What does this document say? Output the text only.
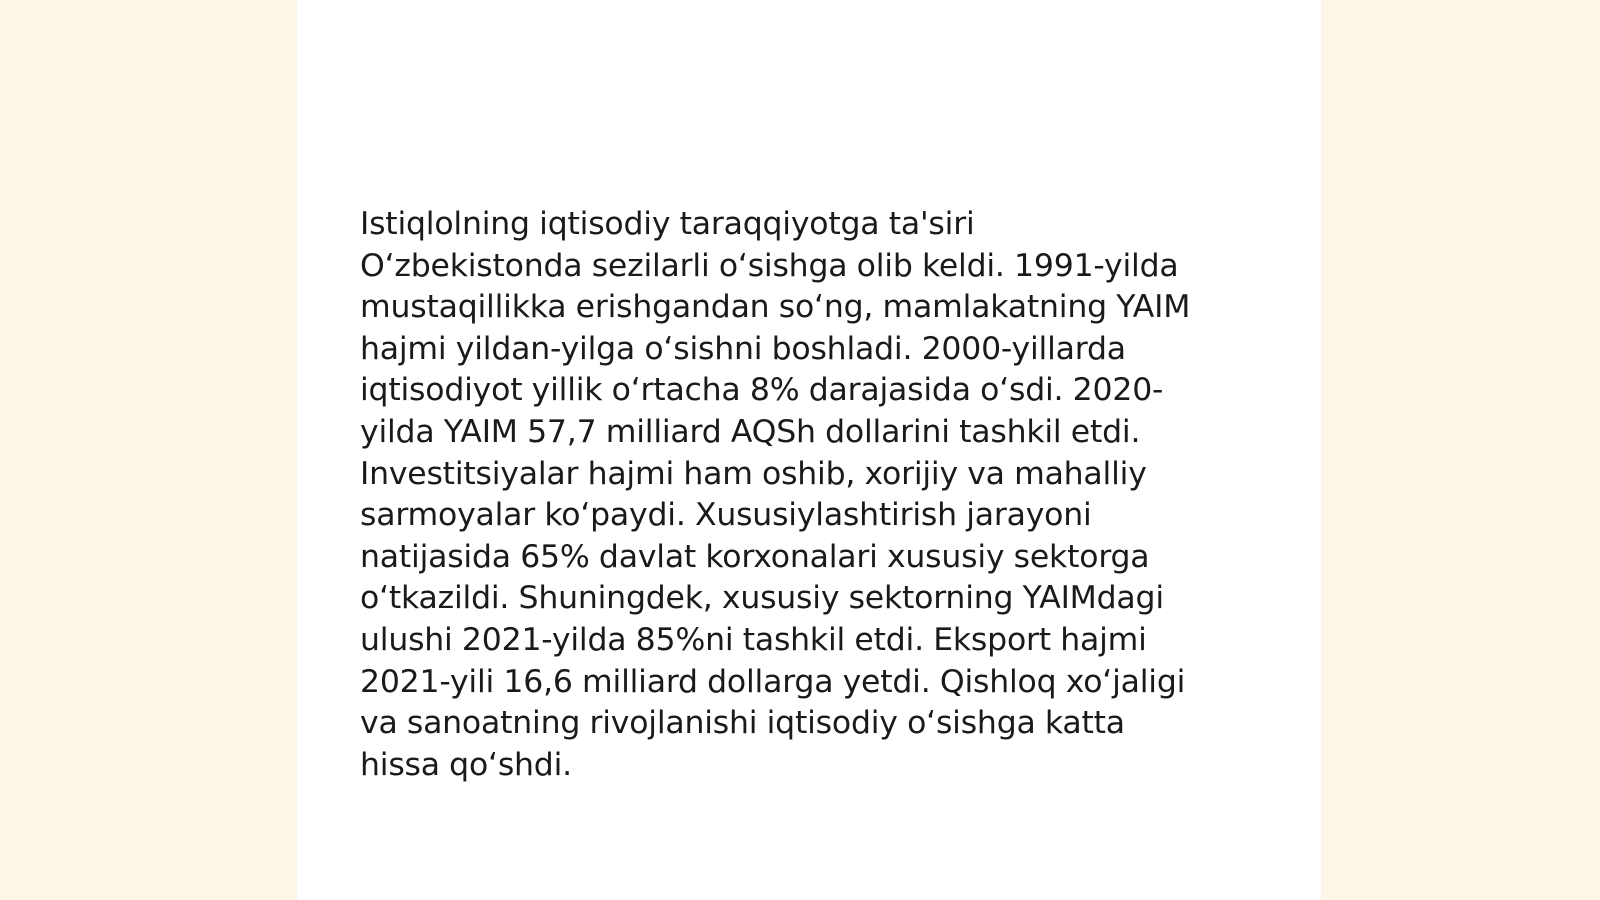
Istiqlolning iqtisodiy taraqqiyotga ta'siri
O‘zbekistonda sezilarli o‘sishga olib keldi. 1991-yilda
mustaqillikka erishgandan so‘ng, mamlakatning YAIM
hajmi yildan-yilga o‘sishni boshladi. 2000-yillarda
iqtisodiyot yillik o‘rtacha 8% darajasida o‘sdi. 2020-
yilda YAIM 57,7 milliard AQSh dollarini tashkil etdi.
Investitsiyalar hajmi ham oshib, xorijiy va mahalliy
sarmoyalar ko‘paydi. Xususiylashtirish jarayoni
natijasida 65% davlat korxonalari xususiy sektorga
o‘tkazildi. Shuningdek, xususiy sektorning YAIMdagi
ulushi 2021-yilda 85%ni tashkil etdi. Eksport hajmi
2021-yili 16,6 milliard dollarga yetdi. Qishloq xo‘jaligi
va sanoatning rivojlanishi iqtisodiy o‘sishga katta
hissa qo‘shdi.
